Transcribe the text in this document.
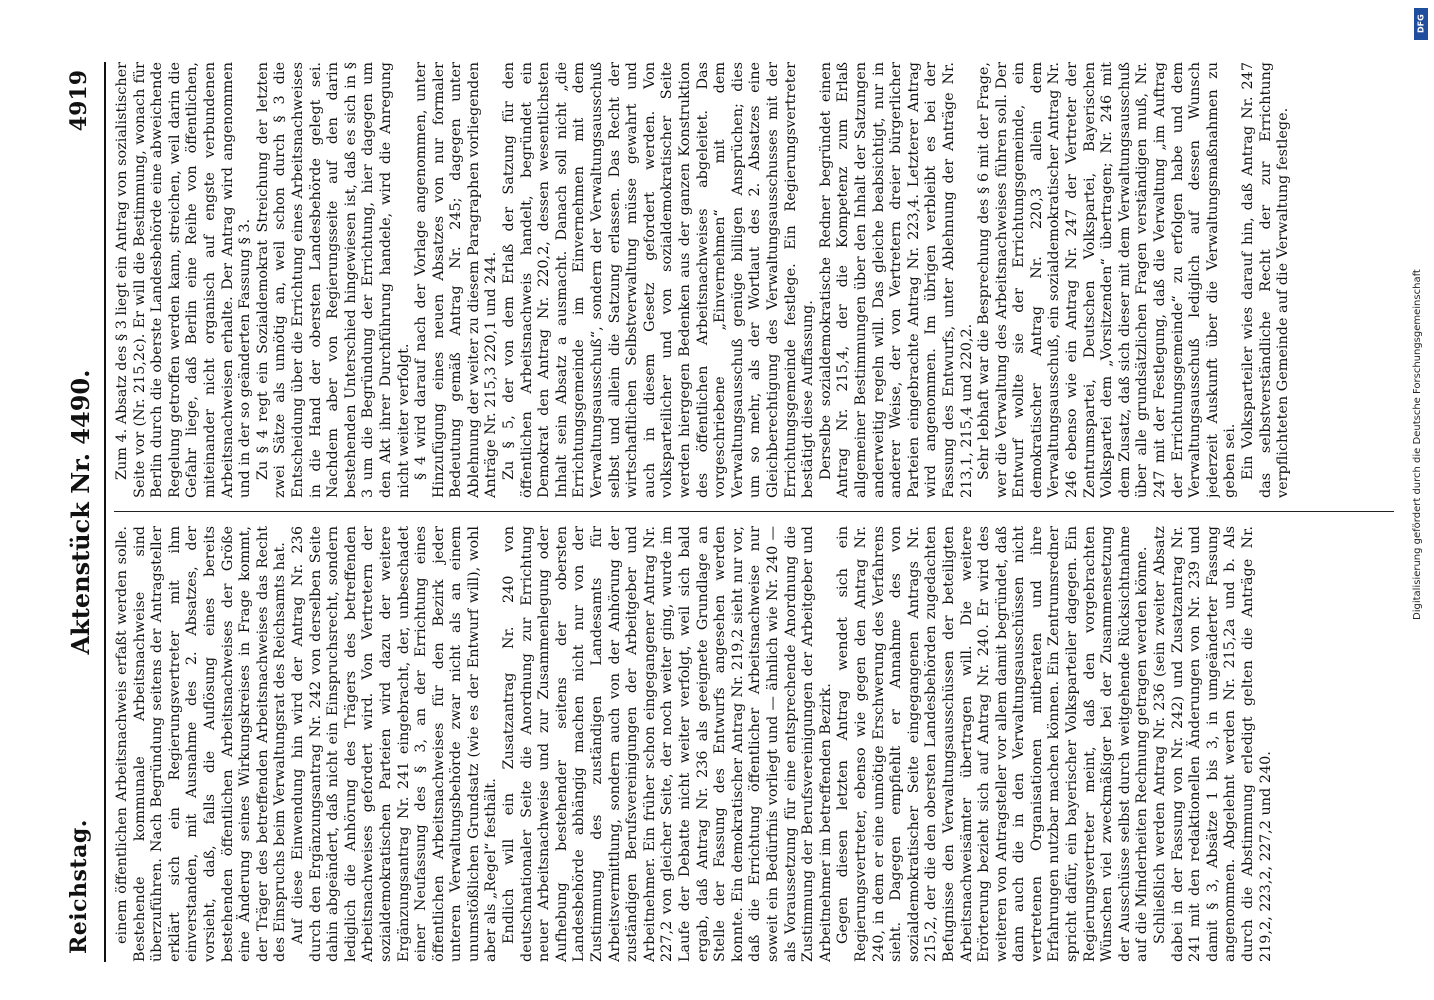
Reichstag.
Aktenstück Nr. 4490.
4919

einem öffentlichen Arbeitsnachweis erfaßt werden solle. Bestehende kommunale Arbeitsnachweise sind überzuführen. Nach Begründung seitens der Antragsteller erklärt sich ein Regierungsvertreter mit ihm einverstanden, mit Ausnahme des 2. Absatzes, der vorsieht, daß, falls die Auflösung eines bereits bestehenden öffentlichen Arbeitsnachweises der Größe eine Änderung seines Wirkungskreises in Frage kommt, der Träger des betreffenden Arbeitsnachweises das Recht des Einspruchs beim Verwaltungsrat des Reichsamts hat. Auf diese Einwendung hin wird der Antrag Nr. 236 durch den Ergänzungsantrag Nr. 242 von derselben Seite dahin abgeändert, daß nicht ein Einspruchsrecht, sondern lediglich die Anhörung des Trägers des betreffenden Arbeitsnachweises gefordert wird. Von Vertretern der sozialdemokratischen Parteien wird dazu der weitere Ergänzungsantrag Nr. 241 eingebracht, der, unbeschadet einer Neufassung des § 3, an der Errichtung eines öffentlichen Arbeitsnachweises für den Bezirk jeder unteren Verwaltungsbehörde zwar nicht als an einem unumstößlichen Grundsatz (wie es der Entwurf will), wohl aber als „Regel“ festhält. Endlich will ein Zusatzantrag Nr. 240 von deutschnationaler Seite die Anordnung zur Errichtung neuer Arbeitsnachweise und zur Zusammenlegung oder Aufhebung bestehender seitens der obersten Landesbehörde abhängig machen nicht nur von der Zustimmung des zuständigen Landesamts für Arbeitsvermittlung, sondern auch von der Anhörung der zuständigen Berufsvereinigungen der Arbeitgeber und Arbeitnehmer. Ein früher schon eingegangener Antrag Nr. 227,2 von gleicher Seite, der noch weiter ging, wurde im Laufe der Debatte nicht weiter verfolgt, weil sich bald ergab, daß Antrag Nr. 236 als geeignete Grundlage an Stelle der Fassung des Entwurfs angesehen werden konnte. Ein demokratischer Antrag Nr. 219,2 sieht nur vor, daß die Errichtung öffentlicher Arbeitsnachweise nur soweit ein Bedürfnis vorliegt und — ähnlich wie Nr. 240 — als Voraussetzung für eine entsprechende Anordnung die Zustimmung der Berufsvereinigungen der Arbeitgeber und Arbeitnehmer im betreffenden Bezirk. Gegen diesen letzten Antrag wendet sich ein Regierungsvertreter, ebenso wie gegen den Antrag Nr. 240, in dem er eine unnötige Erschwerung des Verfahrens sieht. Dagegen empfiehlt er Annahme des von sozialdemokratischer Seite eingegangenen Antrags Nr. 215,2, der die den obersten Landesbehörden zugedachten Befugnisse den Verwaltungsausschüssen der beteiligten Arbeitsnachweisämter übertragen will. Die weitere Erörterung bezieht sich auf Antrag Nr. 240. Er wird des weiteren von Antragsteller vor allem damit begründet, daß dann auch die in den Verwaltungsausschüssen nicht vertretenen Organisationen mitberaten und ihre Erfahrungen nutzbar machen können. Ein Zentrumsredner spricht dafür, ein bayerischer Volksparteiler dagegen. Ein Regierungsvertreter meint, daß den vorgebrachten Wünschen viel zweckmäßiger bei der Zusammensetzung der Ausschüsse selbst durch weitgehende Rücksichtnahme auf die Minderheiten Rechnung getragen werden könne. Schließlich werden Antrag Nr. 236 (sein zweiter Absatz dabei in der Fassung von Nr. 242) und Zusatzantrag Nr. 241 mit den redaktionellen Änderungen von Nr. 239 und damit § 3, Absätze 1 bis 3, in umgeänderter Fassung angenommen. Abgelehnt werden Nr. 215,2a und b. Als durch die Abstimmung erledigt gelten die Anträge Nr. 219,2, 223,2, 227,2 und 240.

Zum 4. Absatz des § 3 liegt ein Antrag von sozialistischer Seite vor (Nr. 215,2c). Er will die Bestimmung, wonach für Berlin durch die oberste Landesbehörde eine abweichende Regelung getroffen werden kann, streichen, weil darin die Gefahr liege, daß Berlin eine Reihe von öffentlichen, miteinander nicht organisch auf engste verbundenen Arbeitsnachweisen erhalte. Der Antrag wird angenommen und in der so geänderten Fassung § 3. Zu § 4 regt ein Sozialdemokrat Streichung der letzten zwei Sätze als unnötig an, weil schon durch § 3 die Entscheidung über die Errichtung eines Arbeitsnachweises in die Hand der obersten Landesbehörde gelegt sei. Nachdem aber von Regierungsseite auf den darin bestehenden Unterschied hingewiesen ist, daß es sich in § 3 um die Begründung der Errichtung, hier dagegen um den Akt ihrer Durchführung handele, wird die Anregung nicht weiter verfolgt. § 4 wird darauf nach der Vorlage angenommen, unter Hinzufügung eines neuen Absatzes von nur formaler Bedeutung gemäß Antrag Nr. 245; dagegen unter Ablehnung der weiter zu diesem Paragraphen vorliegenden Anträge Nr. 215,3 220,1 und 244. Zu § 5, der von dem Erlaß der Satzung für den öffentlichen Arbeitsnachweis handelt, begründet ein Demokrat den Antrag Nr. 220,2, dessen wesentlichsten Inhalt sein Absatz a ausmacht. Danach soll nicht „die Errichtungsgemeinde im Einvernehmen mit dem Verwaltungsausschuß“, sondern der Verwaltungsausschuß selbst und allein die Satzung erlassen. Das Recht der wirtschaftlichen Selbstverwaltung müsse gewahrt und auch in diesem Gesetz gefordert werden. Von volksparteilicher und von sozialdemokratischer Seite werden hiergegen Bedenken aus der ganzen Konstruktion des öffentlichen Arbeitsnachweises abgeleitet. Das vorgeschriebene „Einvernehmen“ mit dem Verwaltungsausschuß genüge billigen Ansprüchen; dies um so mehr, als der Wortlaut des 2. Absatzes eine Gleichberechtigung des Verwaltungsausschusses mit der Errichtungsgemeinde festlege. Ein Regierungsvertreter bestätigt diese Auffassung. Derselbe sozialdemokratische Redner begründet einen Antrag Nr. 215,4, der die Kompetenz zum Erlaß allgemeiner Bestimmungen über den Inhalt der Satzungen anderweitig regeln will. Das gleiche beabsichtigt, nur in anderer Weise, der von Vertretern dreier bürgerlicher Parteien eingebrachte Antrag Nr. 223,4. Letzterer Antrag wird angenommen. Im übrigen verbleibt es bei der Fassung des Entwurfs, unter Ablehnung der Anträge Nr. 213,1, 215,4 und 220,2. Sehr lebhaft war die Besprechung des § 6 mit der Frage, wer die Verwaltung des Arbeitsnachweises führen soll. Der Entwurf wollte sie der Errichtungsgemeinde, ein demokratischer Antrag Nr. 220,3 allein dem Verwaltungsausschuß, ein sozialdemokratischer Antrag Nr. 246 ebenso wie ein Antrag Nr. 247 der Vertreter der Zentrumspartei, Deutschen Volkspartei, Bayerischen Volkspartei dem „Vorsitzenden“ übertragen; Nr. 246 mit dem Zusatz, daß sich dieser mit dem Verwaltungsausschuß über alle grundsätzlichen Fragen verständigen muß, Nr. 247 mit der Festlegung, daß die Verwaltung „im Auftrag der Errichtungsgemeinde“ zu erfolgen habe und dem Verwaltungsausschuß lediglich auf dessen Wunsch jederzeit Auskunft über die Verwaltungsmaßnahmen zu geben sei. Ein Volksparteiler wies darauf hin, daß Antrag Nr. 247 das selbstverständliche Recht der zur Errichtung verpflichteten Gemeinde auf die Verwaltung festlege.	Digitalisierung gefördert durch die Deutsche Forschungsgemeinschaft
DFG
